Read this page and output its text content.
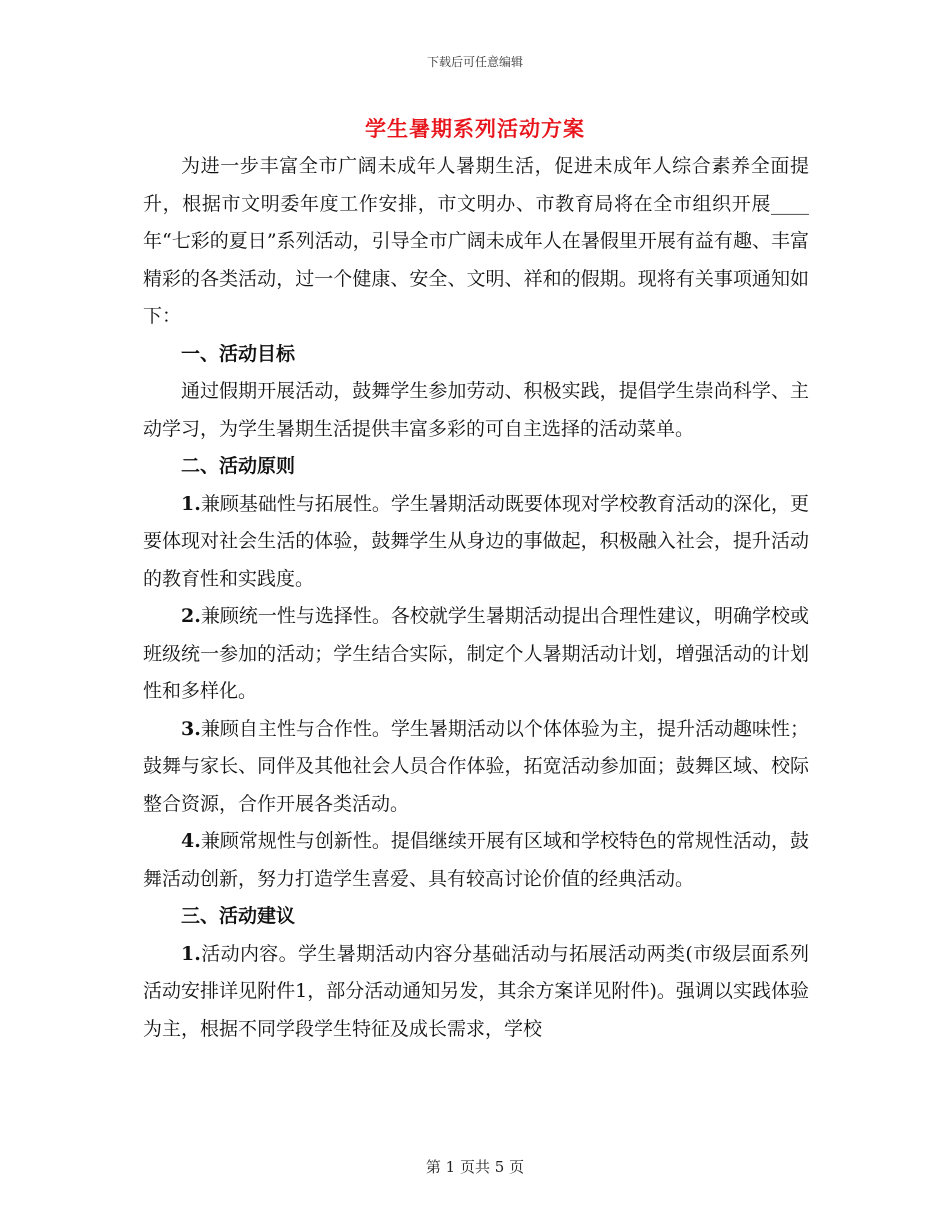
下载后可任意编辑
学生暑期系列活动方案

为进一步丰富全市广阔未成年人暑期生活，促进未成年人综合素养全面提升，根据市文明委年度工作安排，市文明办、市教育局将在全市组织开展____年“七彩的夏日”系列活动，引导全市广阔未成年人在暑假里开展有益有趣、丰富精彩的各类活动，过一个健康、安全、文明、祥和的假期。现将有关事项通知如下：

一、活动目标

通过假期开展活动，鼓舞学生参加劳动、积极实践，提倡学生崇尚科学、主动学习，为学生暑期生活提供丰富多彩的可自主选择的活动菜单。

二、活动原则

1.兼顾基础性与拓展性。学生暑期活动既要体现对学校教育活动的深化，更要体现对社会生活的体验，鼓舞学生从身边的事做起，积极融入社会，提升活动的教育性和实践度。

2.兼顾统一性与选择性。各校就学生暑期活动提出合理性建议，明确学校或班级统一参加的活动；学生结合实际，制定个人暑期活动计划，增强活动的计划性和多样化。

3.兼顾自主性与合作性。学生暑期活动以个体体验为主，提升活动趣味性；鼓舞与家长、同伴及其他社会人员合作体验，拓宽活动参加面；鼓舞区域、校际整合资源，合作开展各类活动。

4.兼顾常规性与创新性。提倡继续开展有区域和学校特色的常规性活动，鼓舞活动创新，努力打造学生喜爱、具有较高讨论价值的经典活动。

三、活动建议

1.活动内容。学生暑期活动内容分基础活动与拓展活动两类(市级层面系列活动安排详见附件1，部分活动通知另发，其余方案详见附件)。强调以实践体验为主，根据不同学段学生特征及成长需求，学校

第 1 页共 5 页
